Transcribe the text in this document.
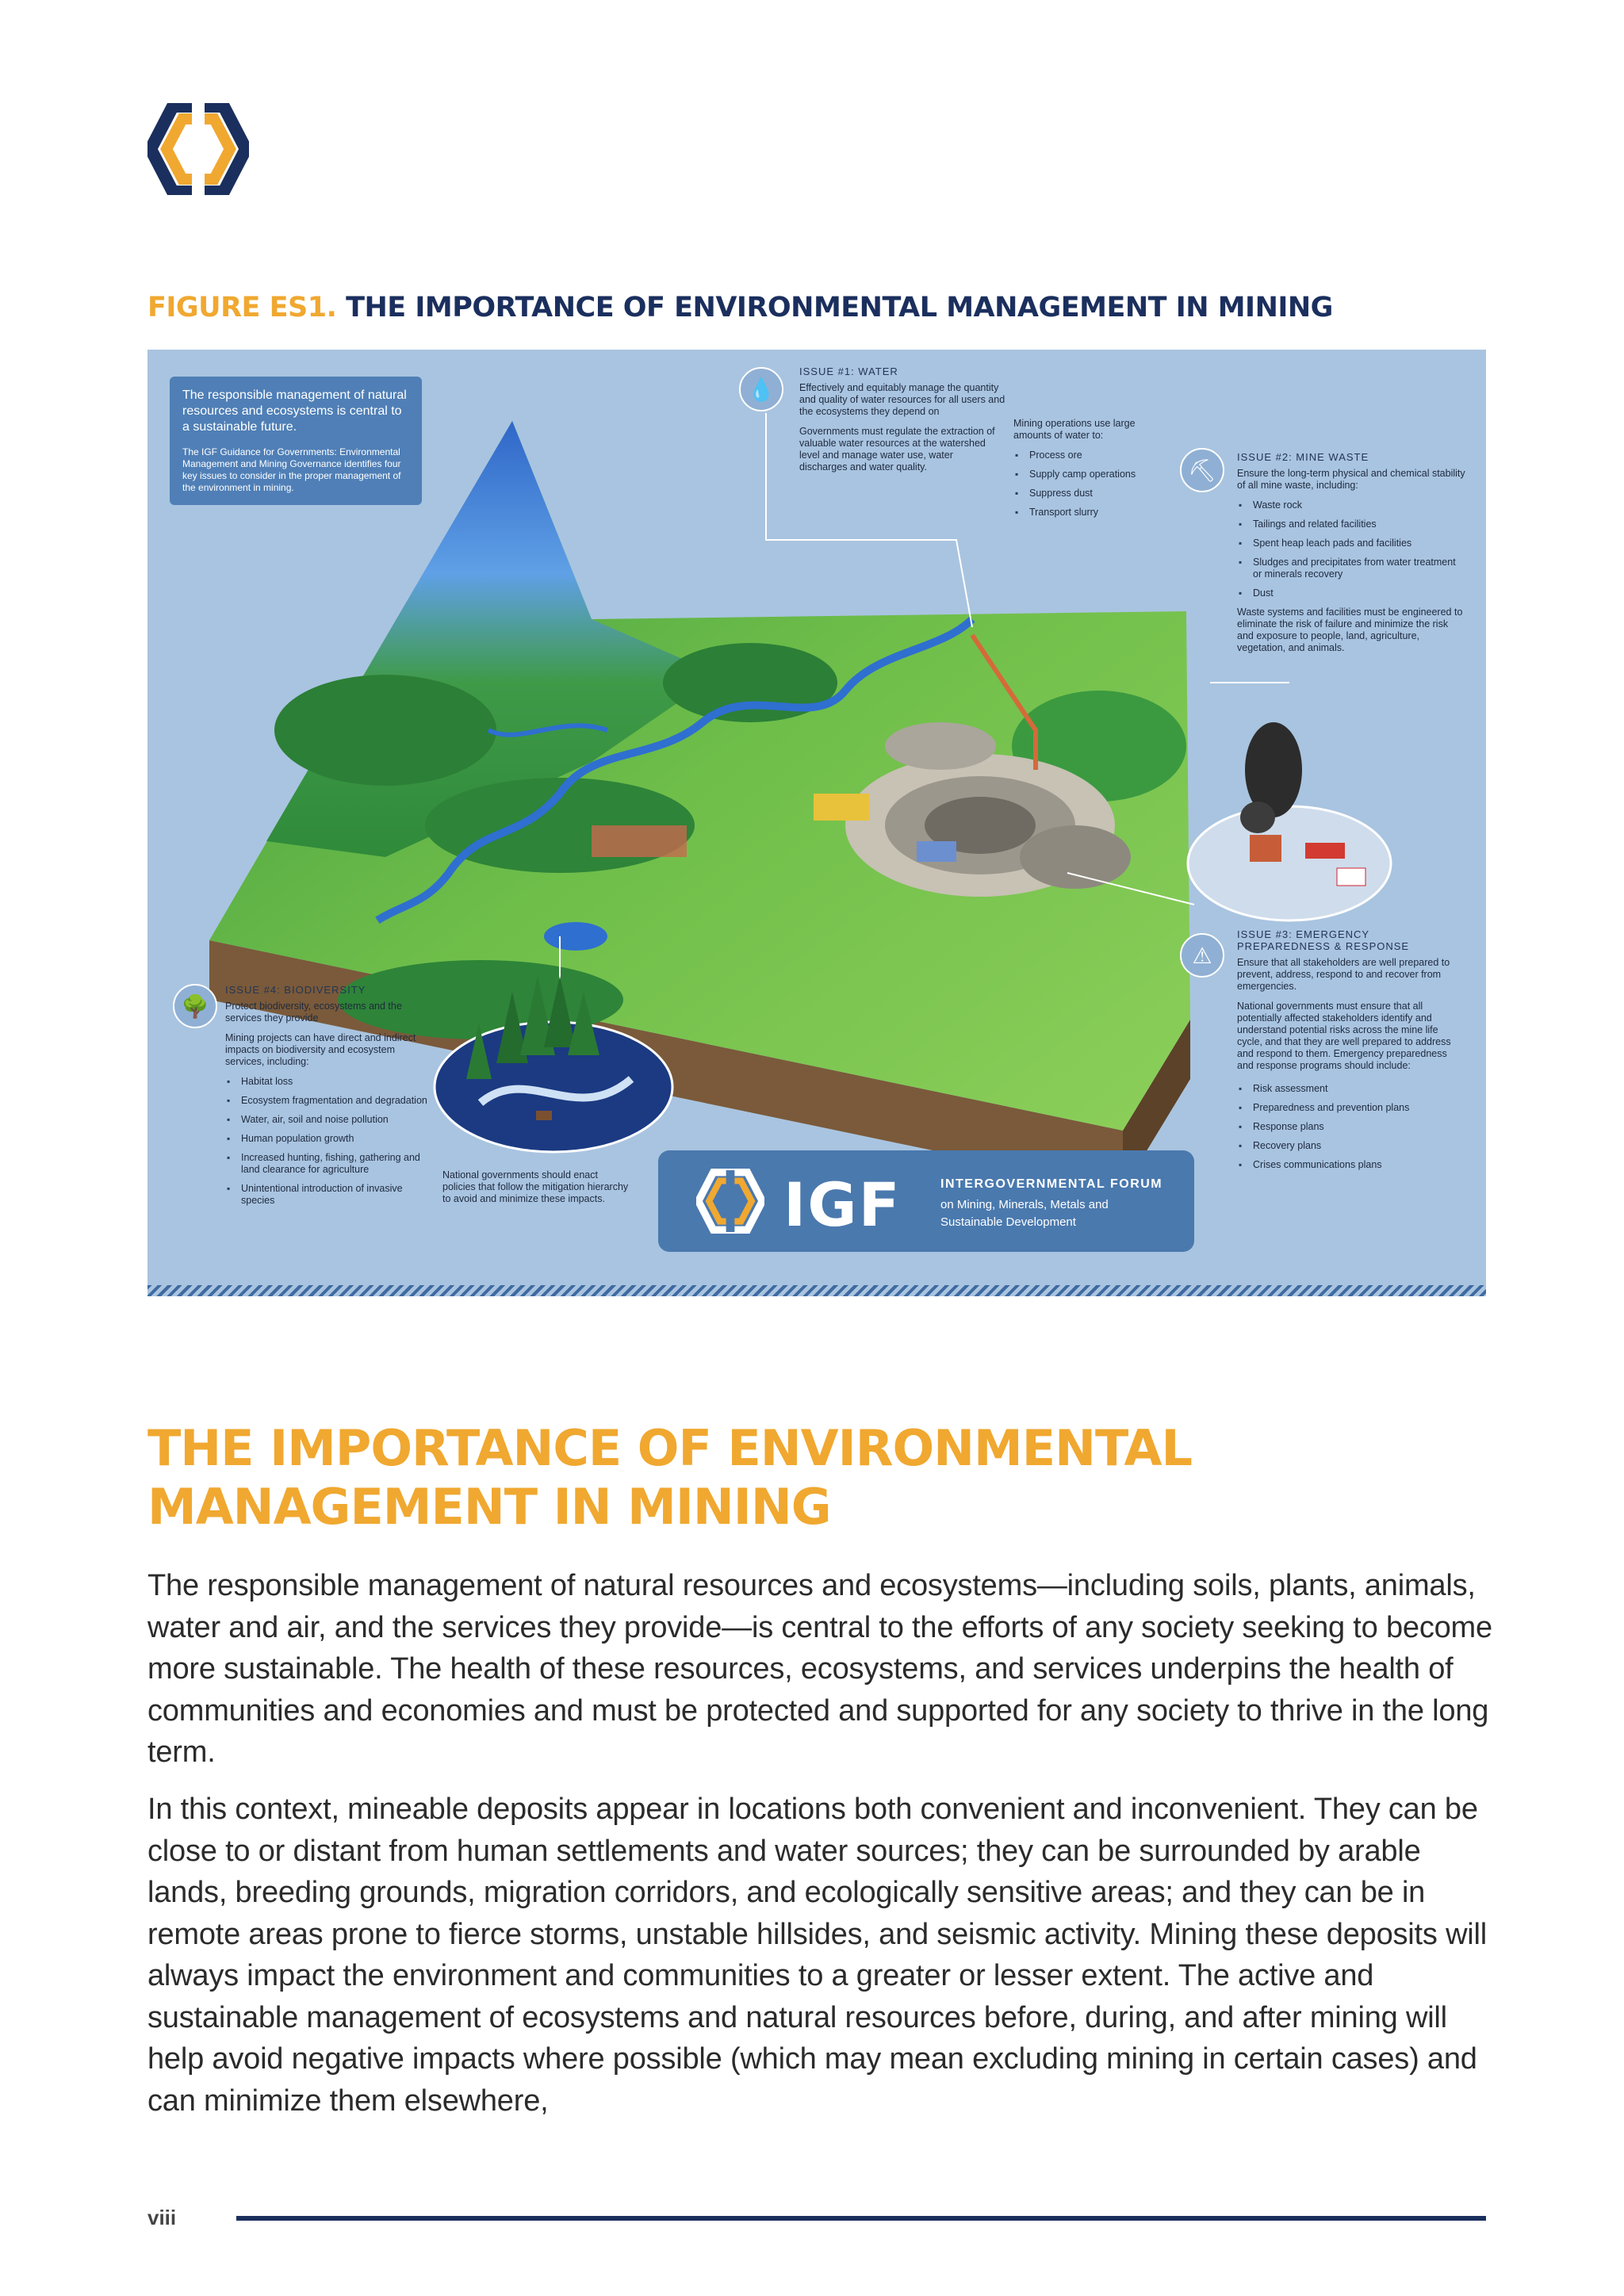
FIGURE ES1. THE IMPORTANCE OF ENVIRONMENTAL MANAGEMENT IN MINING
The responsible management of natural resources and ecosystems is central to a sustainable future.
The IGF Guidance for Governments: Environmental Management and Mining Governance identifies four key issues to consider in the proper management of the environment in mining.
💧
ISSUE #1: WATER

Effectively and equitably manage the quantity and quality of water resources for all users and the ecosystems they depend on

Governments must regulate the extraction of valuable water resources at the watershed level and manage water use, water discharges and water quality.

Mining operations use large amounts of water to:

▪ Process ore
▪ Supply camp operations
▪ Suppress dust
▪ Transport slurry
⛏
ISSUE #2: MINE WASTE

Ensure the long-term physical and chemical stability of all mine waste, including:

▪ Waste rock
▪ Tailings and related facilities
▪ Spent heap leach pads and facilities
▪ Sludges and precipitates from water treatment or minerals recovery
▪ Dust

Waste systems and facilities must be engineered to eliminate the risk of failure and minimize the risk and exposure to people, land, agriculture, vegetation, and animals.

⚠
ISSUE #3: EMERGENCY PREPAREDNESS & RESPONSE

Ensure that all stakeholders are well prepared to prevent, address, respond to and recover from emergencies.

National governments must ensure that all potentially affected stakeholders identify and understand potential risks across the mine life cycle, and that they are well prepared to address and respond to them. Emergency preparedness and response programs should include:

▪ Risk assessment
▪ Preparedness and prevention plans
▪ Response plans
▪ Recovery plans
▪ Crises communications plans
🌳
ISSUE #4: BIODIVERSITY

Protect biodiversity, ecosystems and the services they provide

Mining projects can have direct and indirect impacts on biodiversity and ecosystem services, including:

▪ Habitat loss
▪ Ecosystem fragmentation and degradation
▪ Water, air, soil and noise pollution
▪ Human population growth
▪ Increased hunting, fishing, gathering and land clearance for agriculture
▪ Unintentional introduction of invasive species

National governments should enact policies that follow the mitigation hierarchy to avoid and minimize these impacts.	IGF	INTERGOVERNMENTAL FORUM
on Mining, Minerals, Metals and
Sustainable Development
THE IMPORTANCE OF ENVIRONMENTAL MANAGEMENT IN MINING
The responsible management of natural resources and ecosystems—including soils, plants, animals, water and air, and the services they provide—is central to the efforts of any society seeking to become more sustainable. The health of these resources, ecosystems, and services underpins the health of communities and economies and must be protected and supported for any society to thrive in the long term.
In this context, mineable deposits appear in locations both convenient and inconvenient. They can be close to or distant from human settlements and water sources; they can be surrounded by arable lands, breeding grounds, migration corridors, and ecologically sensitive areas; and they can be in remote areas prone to fierce storms, unstable hillsides, and seismic activity. Mining these deposits will always impact the environment and communities to a greater or lesser extent. The active and sustainable management of ecosystems and natural resources before, during, and after mining will help avoid negative impacts where possible (which may mean excluding mining in certain cases) and can minimize them elsewhere,
viii
